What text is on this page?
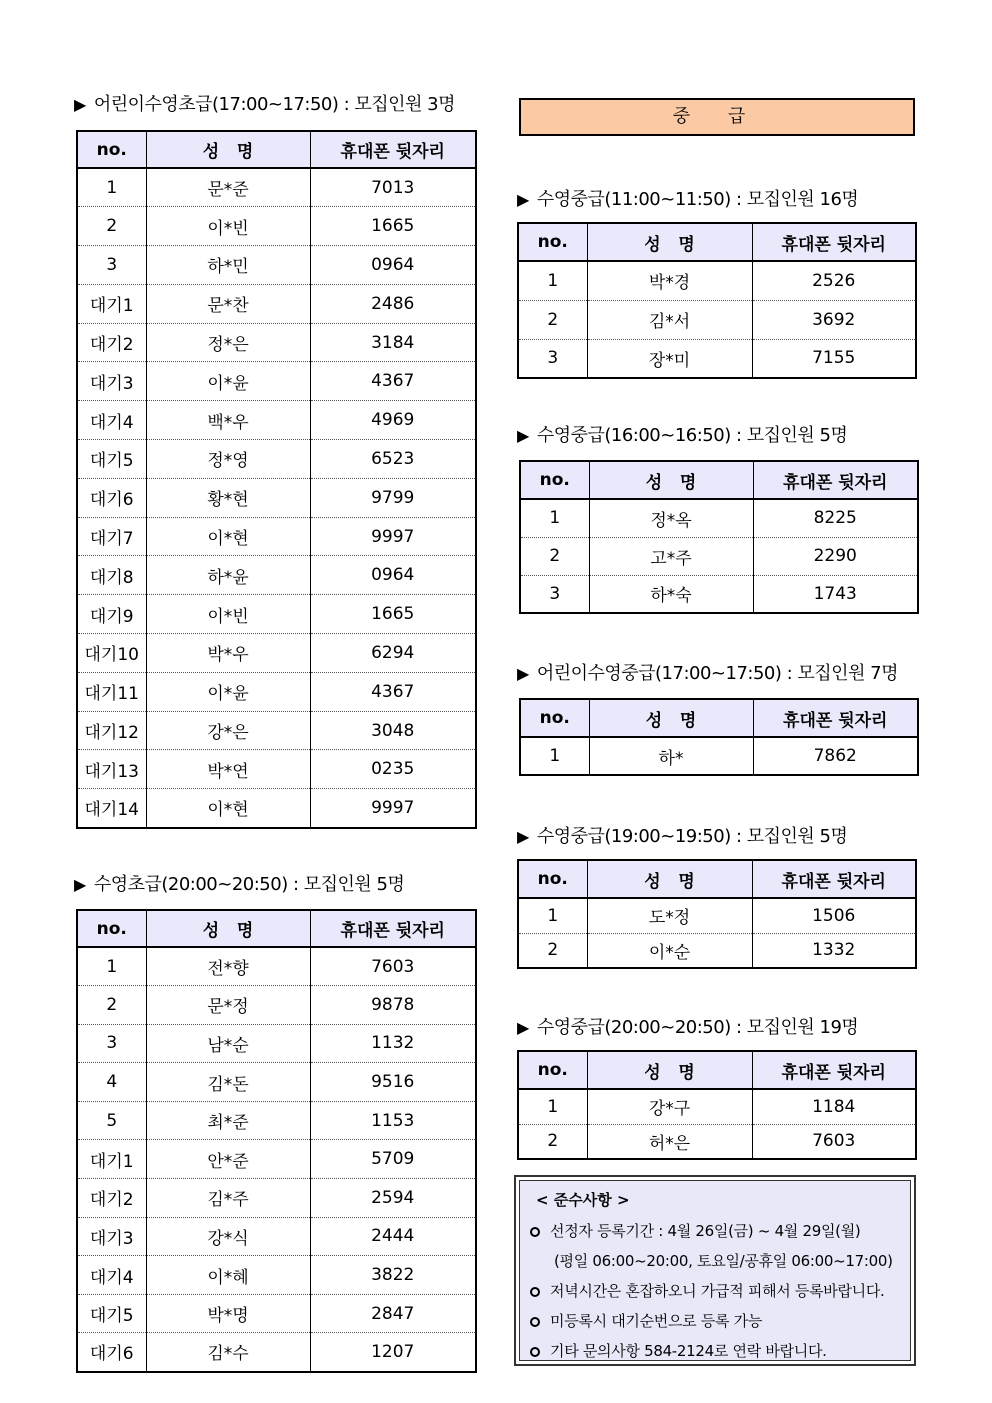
중 급
< 준수사항 >
선정자 등록기간 : 4월 26일(금) ~ 4월 29일(월)
(평일 06:00~20:00, 토요일/공휴일 06:00~17:00)
저녁시간은 혼잡하오니 가급적 피해서 등록바랍니다.
미등록시 대기순번으로 등록 가능
기타 문의사항 584-2124로 연락 바랍니다.
▶ 어린이수영초급(17:00~17:50) : 모집인원 3명
no.	성   명	휴대폰 뒷자리
1	문*준	7013
2	이*빈	1665
3	하*민	0964
대기1	문*찬	2486
대기2	정*은	3184
대기3	이*윤	4367
대기4	백*우	4969
대기5	정*영	6523
대기6	황*현	9799
대기7	이*현	9997
대기8	하*윤	0964
대기9	이*빈	1665
대기10	박*우	6294
대기11	이*윤	4367
대기12	강*은	3048
대기13	박*연	0235
대기14	이*현	9997
▶ 수영초급(20:00~20:50) : 모집인원 5명
no.	성   명	휴대폰 뒷자리
1	전*향	7603
2	문*정	9878
3	남*순	1132
4	김*돈	9516
5	최*준	1153
대기1	안*준	5709
대기2	김*주	2594
대기3	강*식	2444
대기4	이*혜	3822
대기5	박*명	2847
대기6	김*수	1207
▶ 수영중급(11:00~11:50) : 모집인원 16명
no.	성   명	휴대폰 뒷자리
1	박*경	2526
2	김*서	3692
3	장*미	7155
▶ 수영중급(16:00~16:50) : 모집인원 5명
no.	성   명	휴대폰 뒷자리
1	정*옥	8225
2	고*주	2290
3	하*숙	1743
▶ 어린이수영중급(17:00~17:50) : 모집인원 7명
no.	성   명	휴대폰 뒷자리
1	하*	7862
▶ 수영중급(19:00~19:50) : 모집인원 5명
no.	성   명	휴대폰 뒷자리
1	도*정	1506
2	이*순	1332
▶ 수영중급(20:00~20:50) : 모집인원 19명
no.	성   명	휴대폰 뒷자리
1	강*구	1184
2	허*은	7603
